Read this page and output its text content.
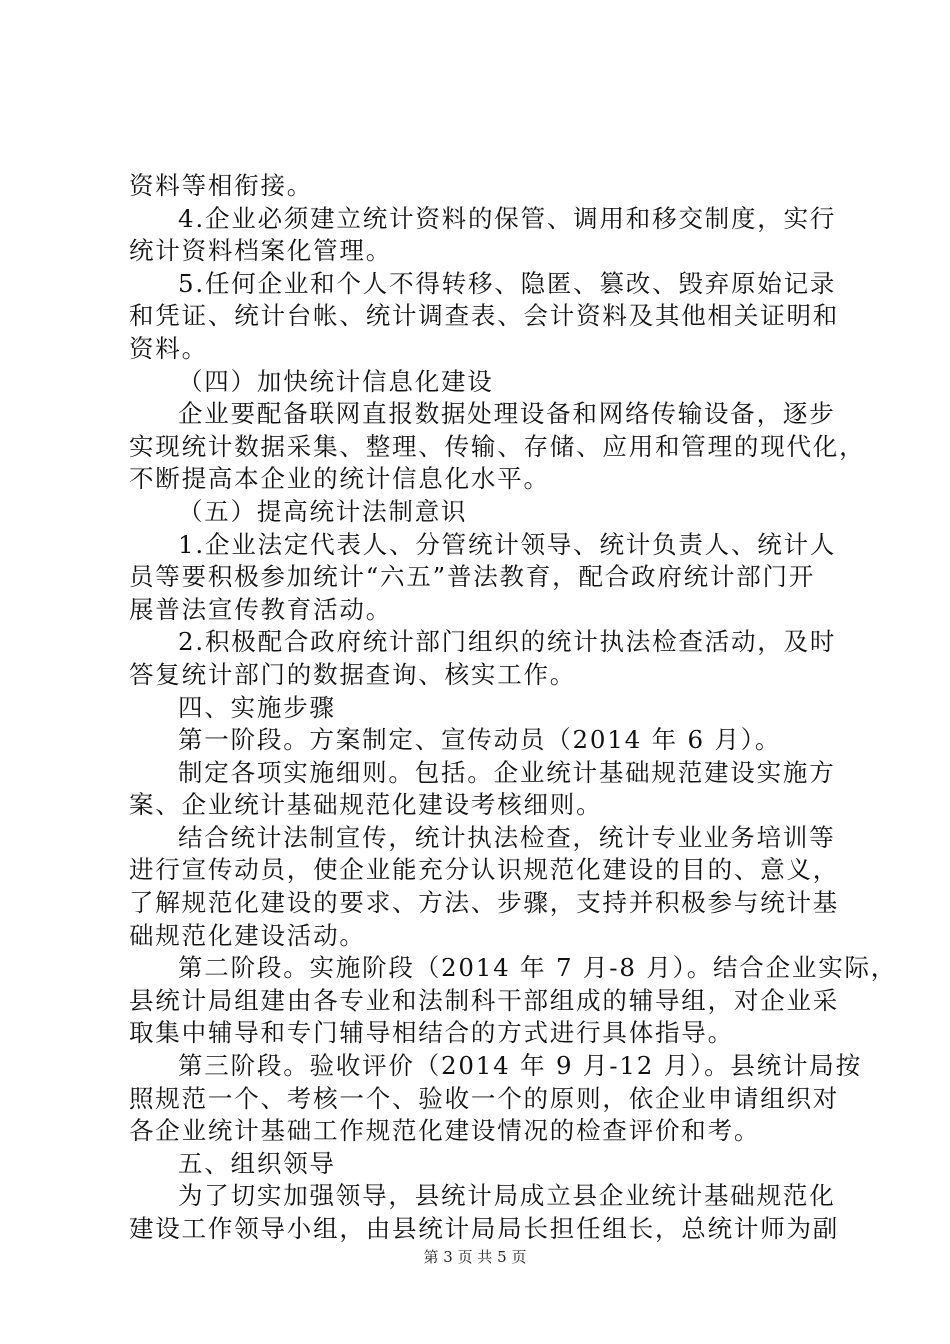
资料等相衔接。
4.企业必须建立统计资料的保管、调用和移交制度，实行
统计资料档案化管理。
5.任何企业和个人不得转移、隐匿、篡改、毁弃原始记录
和凭证、统计台帐、统计调查表、会计资料及其他相关证明和
资料。
（四）加快统计信息化建设
企业要配备联网直报数据处理设备和网络传输设备，逐步
实现统计数据采集、整理、传输、存储、应用和管理的现代化，
不断提高本企业的统计信息化水平。
（五）提高统计法制意识
1.企业法定代表人、分管统计领导、统计负责人、统计人
员等要积极参加统计“六五”普法教育，配合政府统计部门开
展普法宣传教育活动。
2.积极配合政府统计部门组织的统计执法检查活动，及时
答复统计部门的数据查询、核实工作。
四、实施步骤
第一阶段。方案制定、宣传动员（2014 年 6 月）。
制定各项实施细则。包括。企业统计基础规范建设实施方
案、企业统计基础规范化建设考核细则。
结合统计法制宣传，统计执法检查，统计专业业务培训等
进行宣传动员，使企业能充分认识规范化建设的目的、意义，
了解规范化建设的要求、方法、步骤，支持并积极参与统计基
础规范化建设活动。
第二阶段。实施阶段（2014 年 7 月-8 月）。结合企业实际，
县统计局组建由各专业和法制科干部组成的辅导组，对企业采
取集中辅导和专门辅导相结合的方式进行具体指导。
第三阶段。验收评价（2014 年 9 月-12 月）。县统计局按
照规范一个、考核一个、验收一个的原则，依企业申请组织对
各企业统计基础工作规范化建设情况的检查评价和考。
五、组织领导
为了切实加强领导，县统计局成立县企业统计基础规范化
建设工作领导小组，由县统计局局长担任组长，总统计师为副
第 3 页 共 5 页
